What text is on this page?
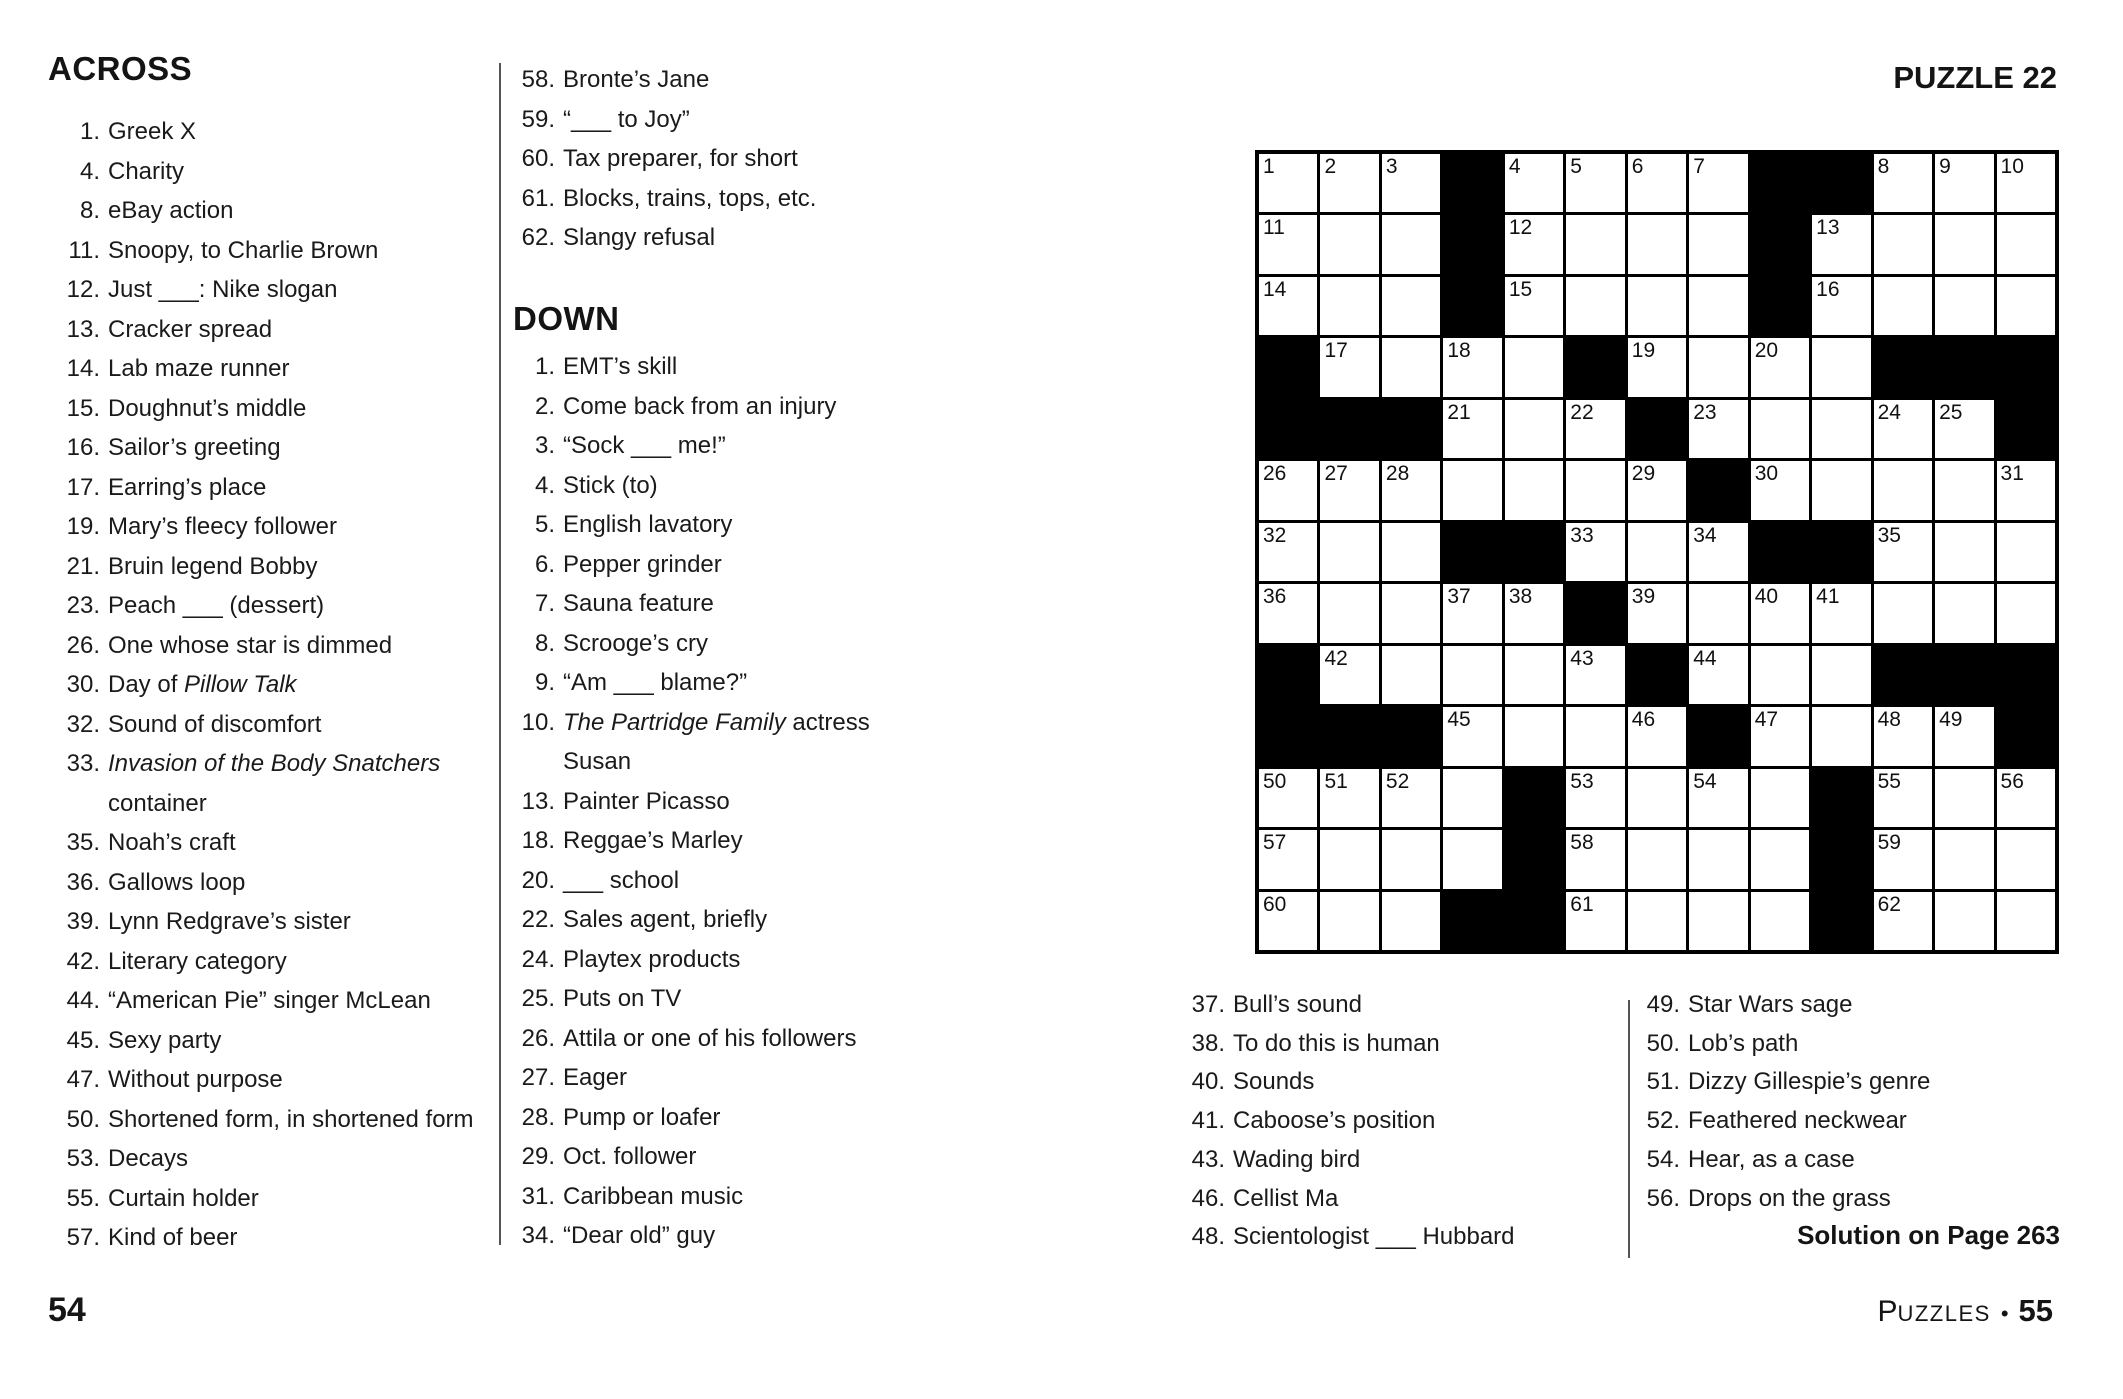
PUZZLE 22
ACROSS
1. Greek X
4. Charity
8. eBay action
11. Snoopy, to Charlie Brown
12. Just ___: Nike slogan
13. Cracker spread
14. Lab maze runner
15. Doughnut’s middle
16. Sailor’s greeting
17. Earring’s place
19. Mary’s fleecy follower
21. Bruin legend Bobby
23. Peach ___ (dessert)
26. One whose star is dimmed
30. Day of Pillow Talk
32. Sound of discomfort
33. Invasion of the Body Snatchers
container
35. Noah’s craft
36. Gallows loop
39. Lynn Redgrave’s sister
42. Literary category
44. “American Pie” singer McLean
45. Sexy party
47. Without purpose
50. Shortened form, in shortened form
53. Decays
55. Curtain holder
57. Kind of beer
58. Bronte’s Jane
59. “___ to Joy”
60. Tax preparer, for short
61. Blocks, trains, tops, etc.
62. Slangy refusal
DOWN
1. EMT’s skill
2. Come back from an injury
3. “Sock ___ me!”
4. Stick (to)
5. English lavatory
6. Pepper grinder
7. Sauna feature
8. Scrooge’s cry
9. “Am ___ blame?”
10. The Partridge Family actress
Susan
13. Painter Picasso
18. Reggae’s Marley
20. ___ school
22. Sales agent, briefly
24. Playtex products
25. Puts on TV
26. Attila or one of his followers
27. Eager
28. Pump or loafer
29. Oct. follower
31. Caribbean music
34. “Dear old” guy
1 2 3	4 5 6 7	8 9 10
11	12	13
14	15	16
17	18	19	20
21	22	23	24 25
26 27 28	29	30	31
32	33	34	35
36	37 38	39	40 41
42	43	44
45	46	47	48 49
50 51 52	53	54	55	56
57	58	59
60	61	62
37. Bull’s sound
38. To do this is human
40. Sounds
41. Caboose’s position
43. Wading bird
46. Cellist Ma
48. Scientologist ___ Hubbard
49. Star Wars sage
50. Lob’s path
51. Dizzy Gillespie’s genre
52. Feathered neckwear
54. Hear, as a case
56. Drops on the grass
Solution on Page 263
54	PUZZLES • 55
